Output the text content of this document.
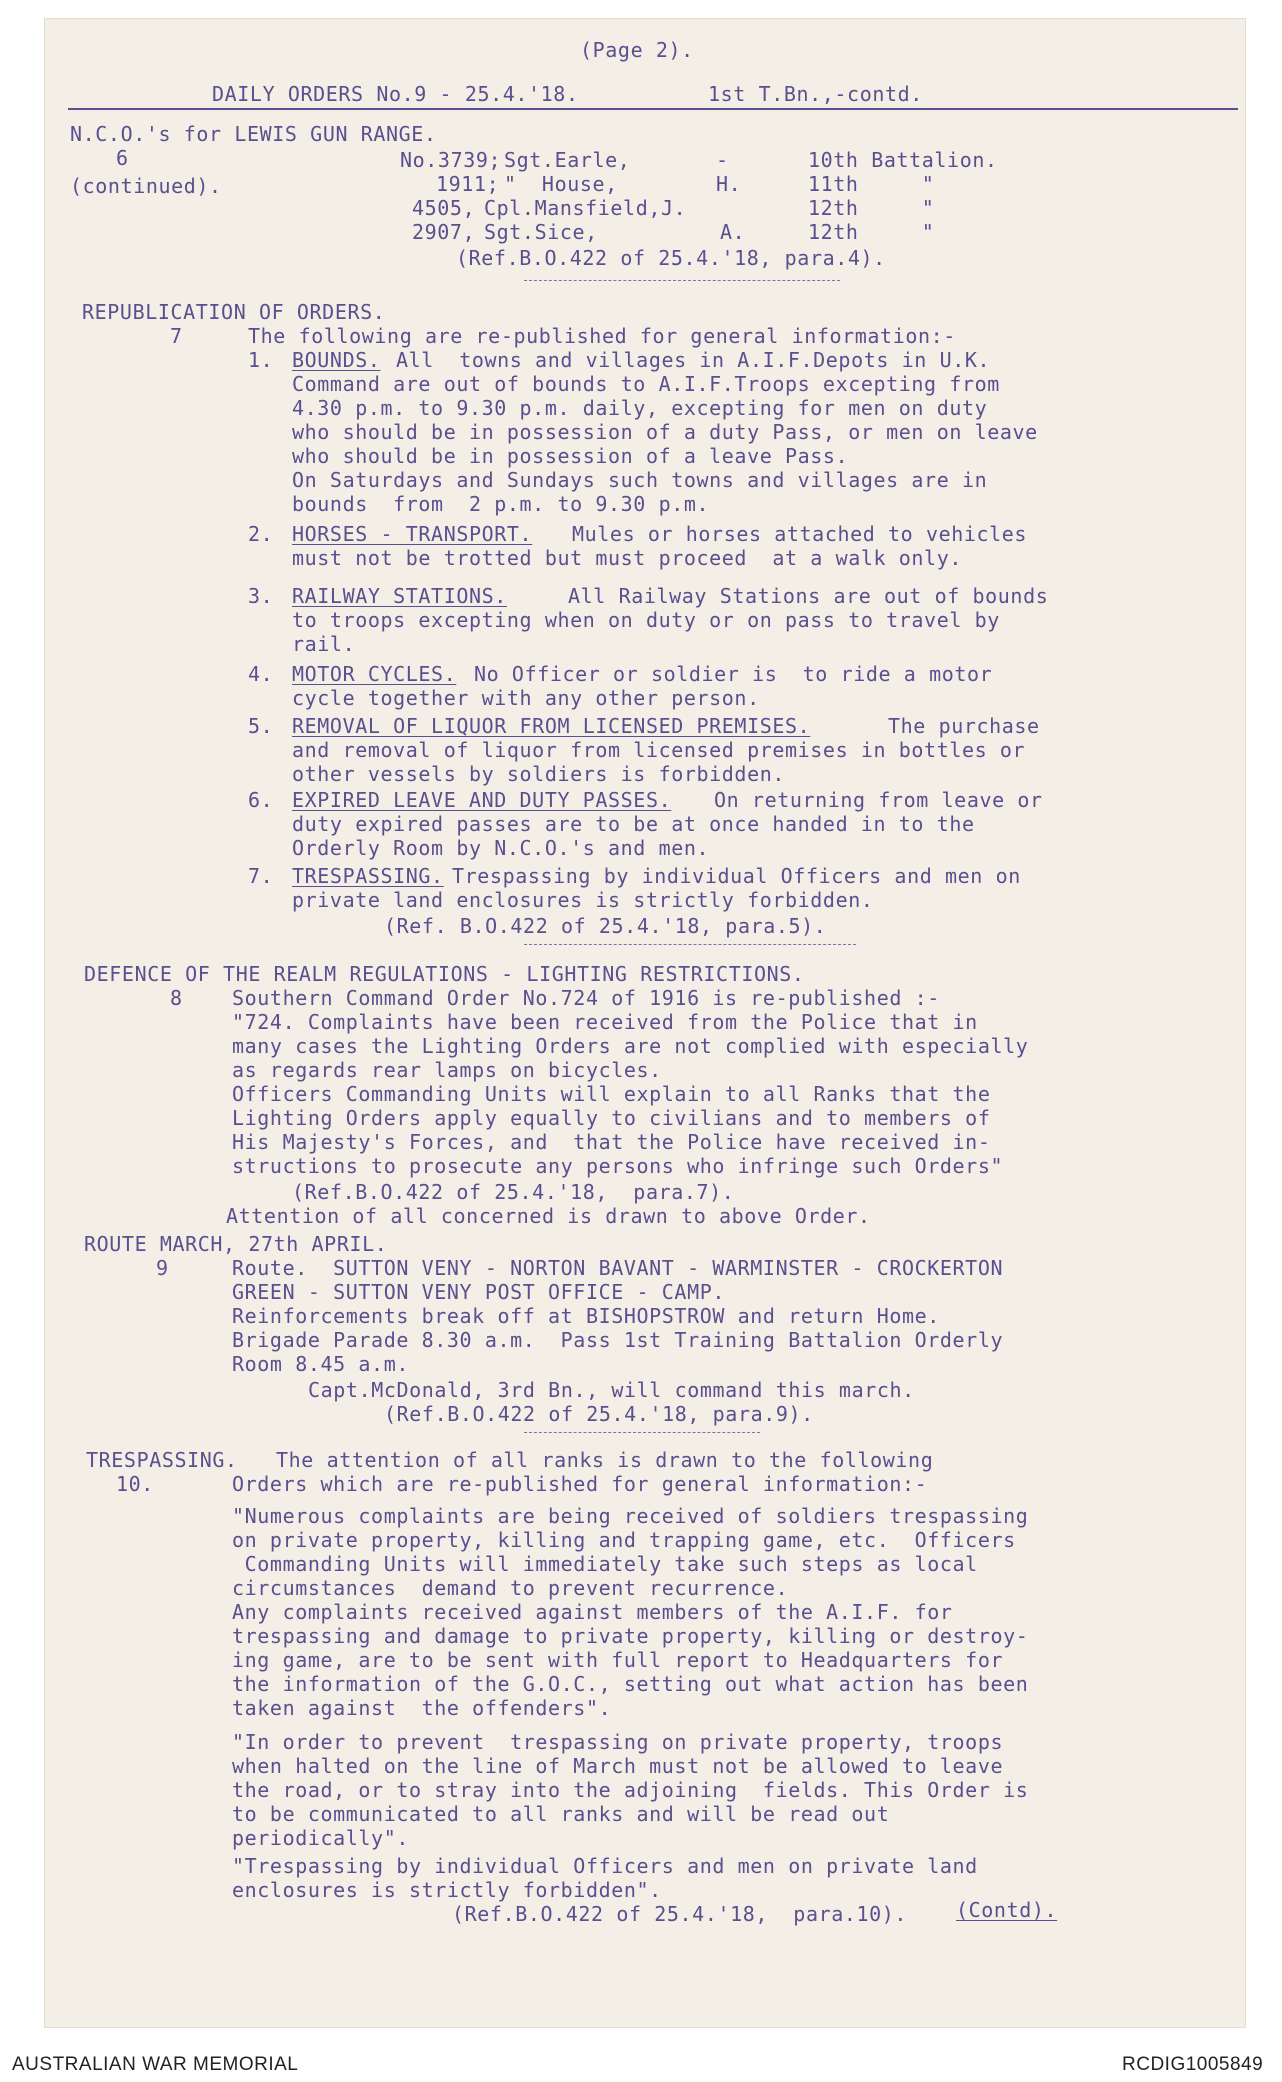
(Page 2).
DAILY ORDERS No.9 - 25.4.'18.	1st T.Bn.,-contd.
N.C.O.'s for LEWIS GUN RANGE.
6
(continued).
No.3739; Sgt.Earle,	-	10th Battalion.
1911; "  House,	H.	11th     "
4505, Cpl.Mansfield,J.	12th     "
2907, Sgt.Sice,	A.	12th     "
(Ref.B.O.422 of 25.4.'18, para.4).
REPUBLICATION OF ORDERS.
7	The following are re-published for general information:-
1. BOUNDS. All  towns and villages in A.I.F.Depots in U.K.
Command are out of bounds to A.I.F.Troops excepting from
4.30 p.m. to 9.30 p.m. daily, excepting for men on duty
who should be in possession of a duty Pass, or men on leave
who should be in possession of a leave Pass.
On Saturdays and Sundays such towns and villages are in
bounds  from  2 p.m. to 9.30 p.m.
2. HORSES - TRANSPORT. Mules or horses attached to vehicles
must not be trotted but must proceed  at a walk only.
3. RAILWAY STATIONS.	All Railway Stations are out of bounds
to troops excepting when on duty or on pass to travel by
rail.
4. MOTOR CYCLES. No Officer or soldier is  to ride a motor
cycle together with any other person.
5. REMOVAL OF LIQUOR FROM LICENSED PREMISES.	The purchase
and removal of liquor from licensed premises in bottles or
other vessels by soldiers is forbidden.
6. EXPIRED LEAVE AND DUTY PASSES. On returning from leave or
duty expired passes are to be at once handed in to the
Orderly Room by N.C.O.'s and men.
7. TRESPASSING. Trespassing by individual Officers and men on
private land enclosures is strictly forbidden.
(Ref. B.O.422 of 25.4.'18, para.5).
DEFENCE OF THE REALM REGULATIONS - LIGHTING RESTRICTIONS.
8 Southern Command Order No.724 of 1916 is re-published :-
"724. Complaints have been received from the Police that in
many cases the Lighting Orders are not complied with especially
as regards rear lamps on bicycles.
Officers Commanding Units will explain to all Ranks that the
Lighting Orders apply equally to civilians and to members of
His Majesty's Forces, and  that the Police have received in-
structions to prosecute any persons who infringe such Orders"
(Ref.B.O.422 of 25.4.'18,  para.7).
Attention of all concerned is drawn to above Order.
ROUTE MARCH, 27th APRIL.
9	Route.  SUTTON VENY - NORTON BAVANT - WARMINSTER - CROCKERTON
GREEN - SUTTON VENY POST OFFICE - CAMP.
Reinforcements break off at BISHOPSTROW and return Home.
Brigade Parade 8.30 a.m.  Pass 1st Training Battalion Orderly
Room 8.45 a.m.
Capt.McDonald, 3rd Bn., will command this march.
(Ref.B.O.422 of 25.4.'18, para.9).
TRESPASSING. The attention of all ranks is drawn to the following
10.	Orders which are re-published for general information:-
"Numerous complaints are being received of soldiers trespassing
on private property, killing and trapping game, etc.  Officers
Commanding Units will immediately take such steps as local
circumstances  demand to prevent recurrence.
Any complaints received against members of the A.I.F. for
trespassing and damage to private property, killing or destroy-
ing game, are to be sent with full report to Headquarters for
the information of the G.O.C., setting out what action has been
taken against  the offenders".
"In order to prevent  trespassing on private property, troops
when halted on the line of March must not be allowed to leave
the road, or to stray into the adjoining  fields. This Order is
to be communicated to all ranks and will be read out
periodically".
"Trespassing by individual Officers and men on private land
enclosures is strictly forbidden".
(Ref.B.O.422 of 25.4.'18,  para.10). (Contd).
AUSTRALIAN WAR MEMORIAL	RCDIG1005849
